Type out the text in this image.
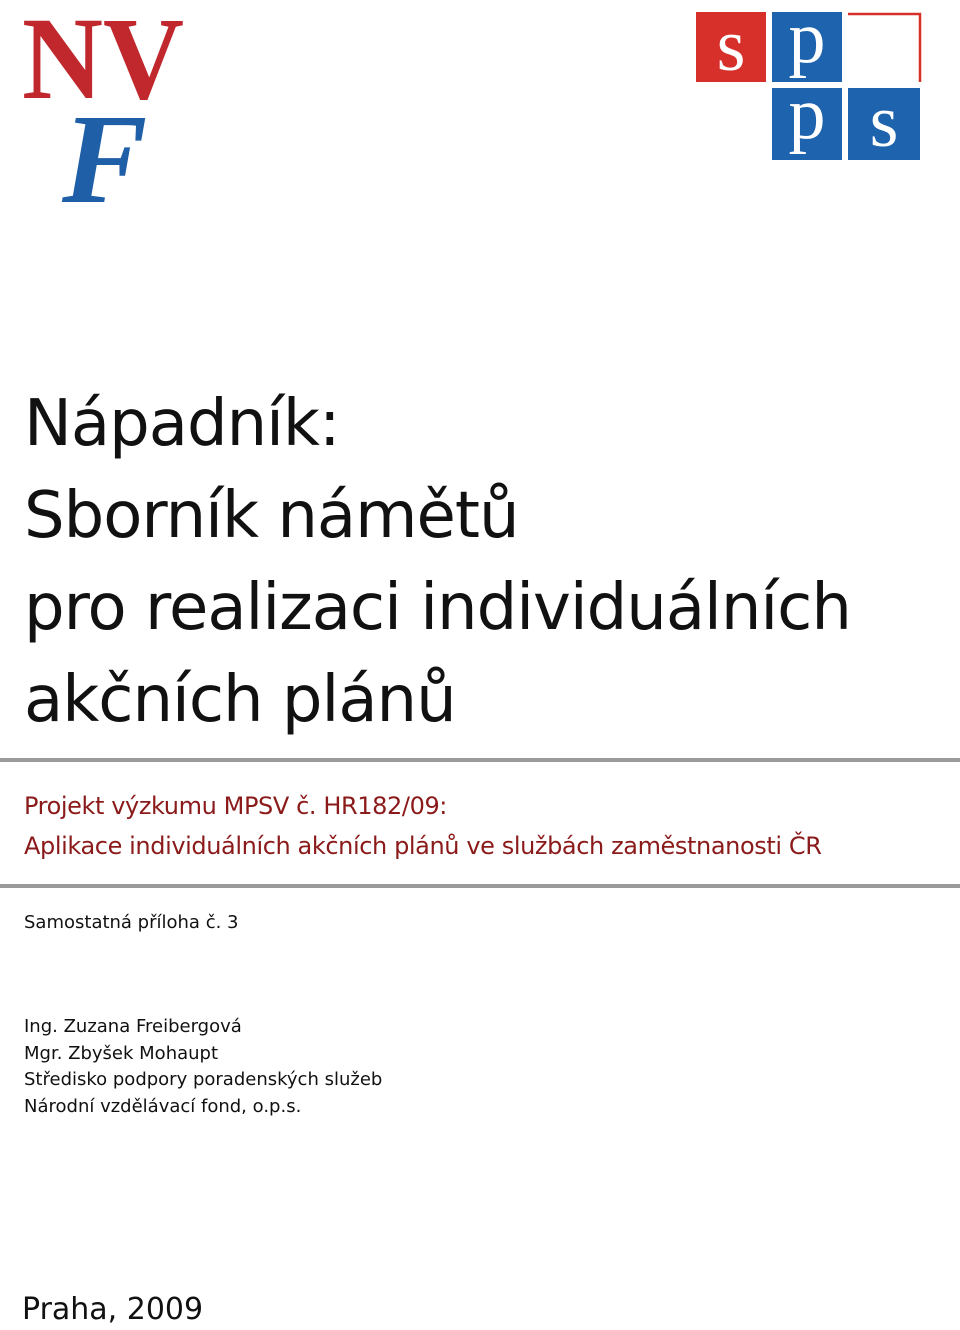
NV
F
s p
p s
Nápadník:
Sborník námětů
pro realizaci individuálních
akčních plánů
Projekt výzkumu MPSV č. HR182/09:
Aplikace individuálních akčních plánů ve službách zaměstnanosti ČR
Samostatná příloha č. 3
Ing. Zuzana Freibergová
Mgr. Zbyšek Mohaupt
Středisko podpory poradenských služeb
Národní vzdělávací fond, o.p.s.
Praha, 2009
